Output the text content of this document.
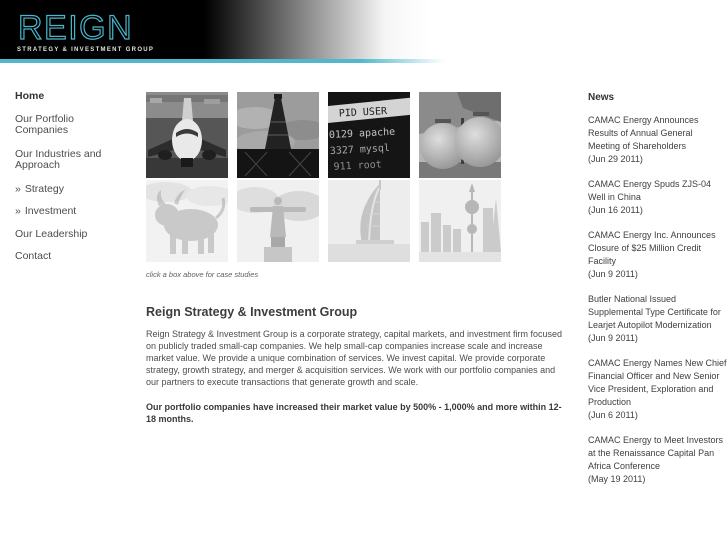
REIGN
STRATEGY & INVESTMENT GROUP
Home
Our Portfolio Companies
Our Industries and Approach
» Strategy
» Investment
Our Leadership
Contact
PID USER
0129 apache
3327 mysql
911 root
click a box above for case studies
Reign Strategy & Investment Group

Reign Strategy & Investment Group is a corporate strategy, capital markets, and investment firm focused on publicly traded small-cap companies. We help small-cap companies increase scale and increase market value. We provide a unique combination of services. We invest capital. We provide corporate strategy, growth strategy, and merger & acquisition services. We work with our portfolio companies and our partners to execute transactions that generate growth and scale.

Our portfolio companies have increased their market value by 500% - 1,000% and more within 12-18 months.

News
CAMAC Energy Announces Results of Annual General Meeting of Shareholders
(Jun 29 2011)
CAMAC Energy Spuds ZJS-04 Well in China
(Jun 16 2011)
CAMAC Energy Inc. Announces Closure of $25 Million Credit Facility
(Jun 9 2011)
Butler National Issued Supplemental Type Certificate for Learjet Autopilot Modernization
(Jun 9 2011)
CAMAC Energy Names New Chief Financial Officer and New Senior Vice President, Exploration and Production
(Jun 6 2011)
CAMAC Energy to Meet Investors at the Renaissance Capital Pan Africa Conference
(May 19 2011)
